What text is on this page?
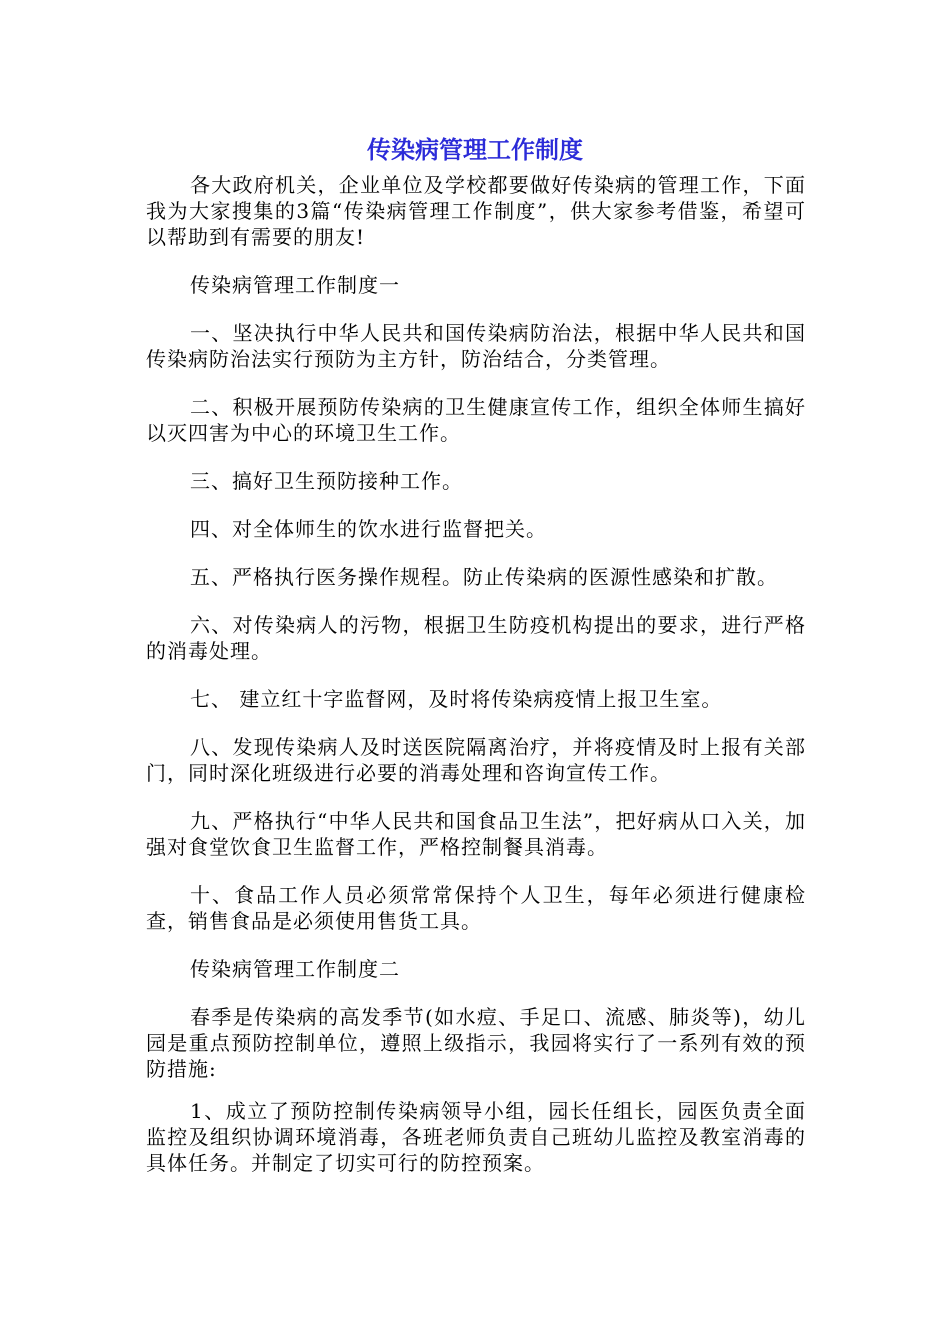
传染病管理工作制度

各大政府机关，企业单位及学校都要做好传染病的管理工作，下面我为大家搜集的3篇“传染病管理工作制度”，供大家参考借鉴，希望可以帮助到有需要的朋友!

传染病管理工作制度一

一、坚决执行中华人民共和国传染病防治法，根据中华人民共和国传染病防治法实行预防为主方针，防治结合，分类管理。

二、积极开展预防传染病的卫生健康宣传工作，组织全体师生搞好以灭四害为中心的环境卫生工作。

三、搞好卫生预防接种工作。

四、对全体师生的饮水进行监督把关。

五、严格执行医务操作规程。防止传染病的医源性感染和扩散。

六、对传染病人的污物，根据卫生防疫机构提出的要求，进行严格的消毒处理。

七、 建立红十字监督网，及时将传染病疫情上报卫生室。

八、发现传染病人及时送医院隔离治疗，并将疫情及时上报有关部门，同时深化班级进行必要的消毒处理和咨询宣传工作。

九、严格执行“中华人民共和国食品卫生法”，把好病从口入关，加强对食堂饮食卫生监督工作，严格控制餐具消毒。

十、食品工作人员必须常常保持个人卫生，每年必须进行健康检查，销售食品是必须使用售货工具。

传染病管理工作制度二

春季是传染病的高发季节(如水痘、手足口、流感、肺炎等)，幼儿园是重点预防控制单位，遵照上级指示，我园将实行了一系列有效的预防措施:

1、成立了预防控制传染病领导小组，园长任组长，园医负责全面监控及组织协调环境消毒，各班老师负责自己班幼儿监控及教室消毒的具体任务。并制定了切实可行的防控预案。
